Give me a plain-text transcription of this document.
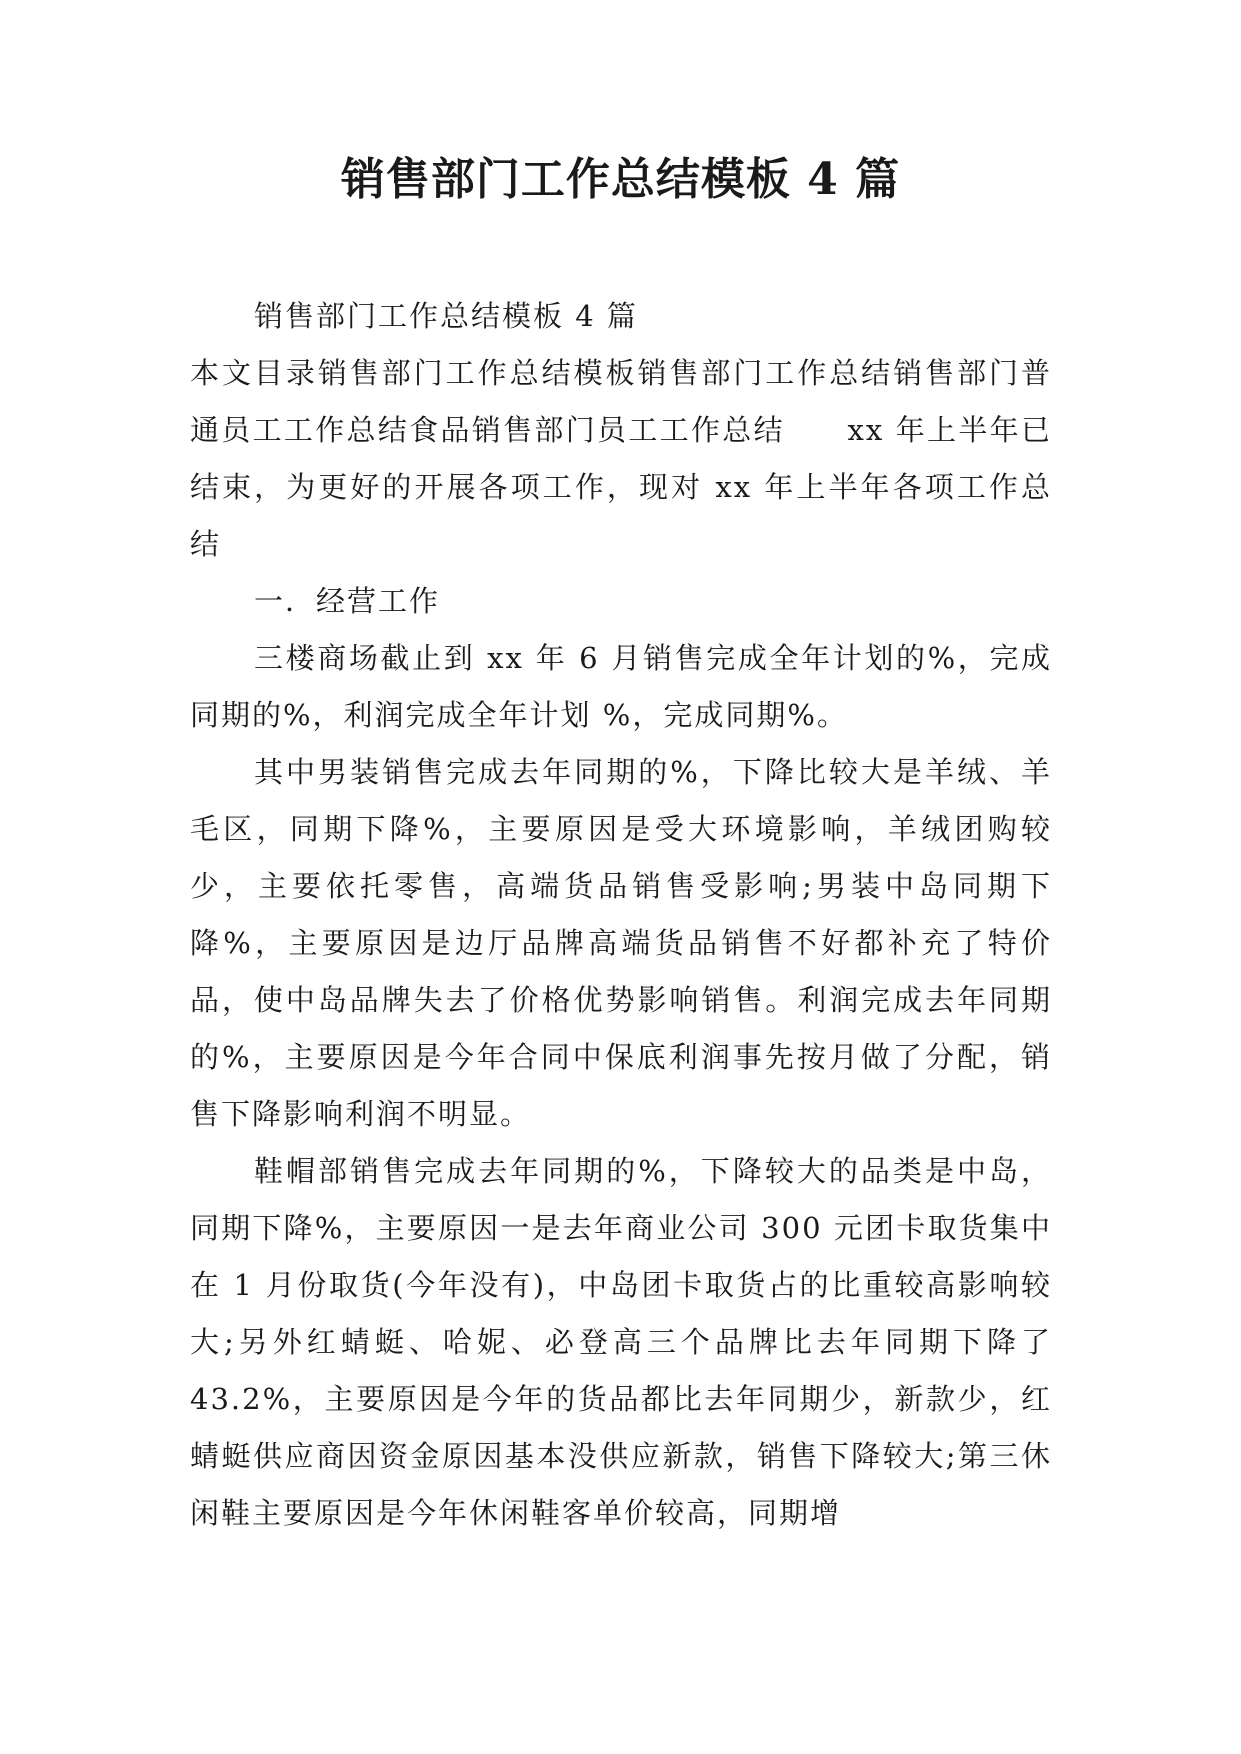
销售部门工作总结模板 4 篇

销售部门工作总结模板 4 篇

本文目录销售部门工作总结模板销售部门工作总结销售部门普通员工工作总结食品销售部门员工工作总结　　xx 年上半年已结束，为更好的开展各项工作，现对 xx 年上半年各项工作总结

一．经营工作

三楼商场截止到 xx 年 6 月销售完成全年计划的%，完成同期的%，利润完成全年计划 %，完成同期%。

其中男装销售完成去年同期的%，下降比较大是羊绒、羊毛区，同期下降%，主要原因是受大环境影响，羊绒团购较少，主要依托零售，高端货品销售受影响;男装中岛同期下降%，主要原因是边厅品牌高端货品销售不好都补充了特价品，使中岛品牌失去了价格优势影响销售。利润完成去年同期的%，主要原因是今年合同中保底利润事先按月做了分配，销售下降影响利润不明显。

鞋帽部销售完成去年同期的%，下降较大的品类是中岛，同期下降%，主要原因一是去年商业公司 300 元团卡取货集中在 1 月份取货(今年没有)，中岛团卡取货占的比重较高影响较大;另外红蜻蜓、哈妮、必登高三个品牌比去年同期下降了 43.2%，主要原因是今年的货品都比去年同期少，新款少，红蜻蜓供应商因资金原因基本没供应新款，销售下降较大;第三休闲鞋主要原因是今年休闲鞋客单价较高，同期增
